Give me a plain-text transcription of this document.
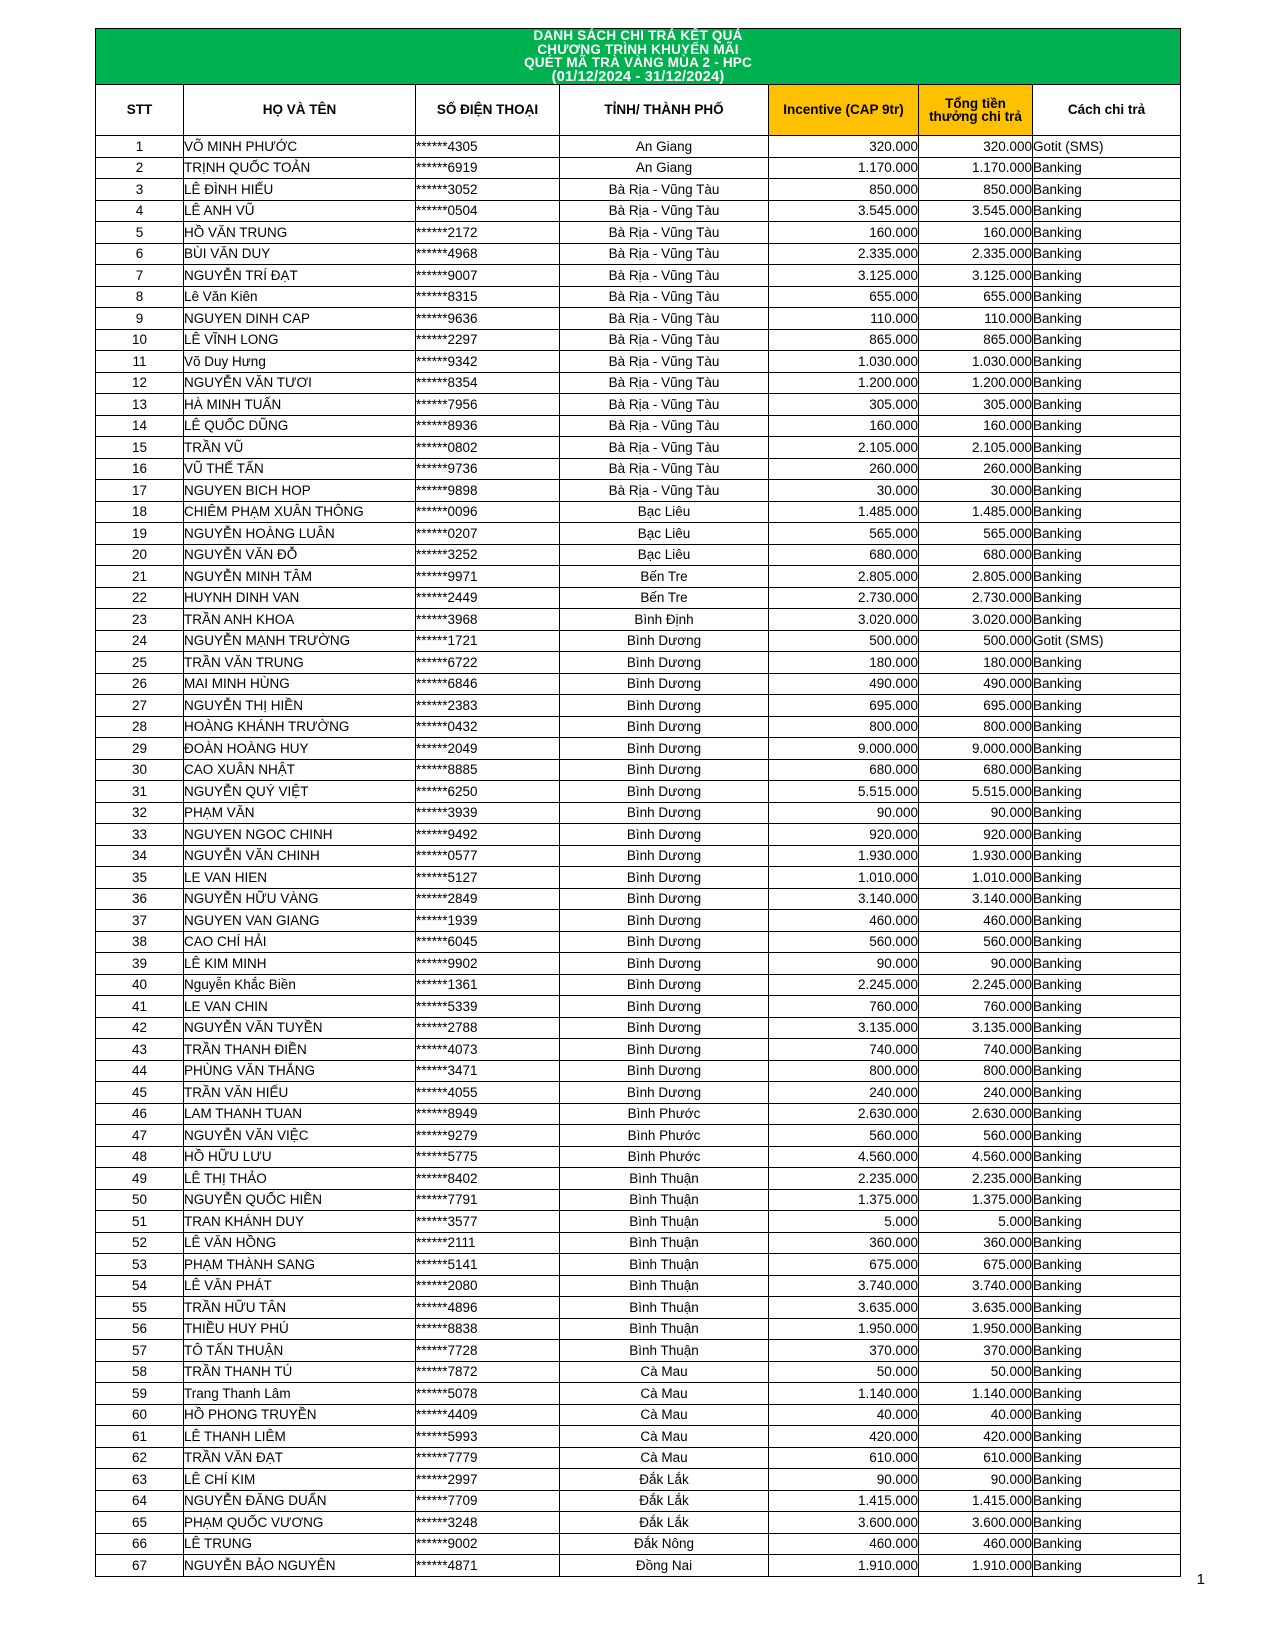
DANH SÁCH CHI TRẢ KẾT QUẢ
CHƯƠNG TRÌNH KHUYẾN MÃI
QUÉT MÃ TRÀ VÀNG MÙA 2 - HPC
(01/12/2024 - 31/12/2024)						

STT	HỌ VÀ TÊN	SỐ ĐIỆN THOẠI	TỈNH/ THÀNH PHỐ	Incentive (CAP 9tr)	Tổng tiền
thưởng chi trả	Cách chi trả
1	VÕ MINH PHƯỚC	******4305	An Giang	320.000	320.000	Gotit (SMS)
2	TRỊNH QUỐC TOẢN	******6919	An Giang	1.170.000	1.170.000	Banking
3	LÊ ĐÌNH HIẾU	******3052	Bà Rịa - Vũng Tàu	850.000	850.000	Banking
4	LÊ ANH VŨ	******0504	Bà Rịa - Vũng Tàu	3.545.000	3.545.000	Banking
5	HỒ VĂN TRUNG	******2172	Bà Rịa - Vũng Tàu	160.000	160.000	Banking
6	BÙI VĂN DUY	******4968	Bà Rịa - Vũng Tàu	2.335.000	2.335.000	Banking
7	NGUYỄN TRÍ ĐẠT	******9007	Bà Rịa - Vũng Tàu	3.125.000	3.125.000	Banking
8	Lê Văn Kiên	******8315	Bà Rịa - Vũng Tàu	655.000	655.000	Banking
9	NGUYEN DINH CAP	******9636	Bà Rịa - Vũng Tàu	110.000	110.000	Banking
10	LÊ VĨNH LONG	******2297	Bà Rịa - Vũng Tàu	865.000	865.000	Banking
11	Võ Duy Hưng	******9342	Bà Rịa - Vũng Tàu	1.030.000	1.030.000	Banking
12	NGUYỄN VĂN TƯƠI	******8354	Bà Rịa - Vũng Tàu	1.200.000	1.200.000	Banking
13	HÀ MINH TUẤN	******7956	Bà Rịa - Vũng Tàu	305.000	305.000	Banking
14	LÊ QUỐC DŨNG	******8936	Bà Rịa - Vũng Tàu	160.000	160.000	Banking
15	TRẦN VŨ	******0802	Bà Rịa - Vũng Tàu	2.105.000	2.105.000	Banking
16	VŨ THẾ TẤN	******9736	Bà Rịa - Vũng Tàu	260.000	260.000	Banking
17	NGUYEN BICH HOP	******9898	Bà Rịa - Vũng Tàu	30.000	30.000	Banking
18	CHIÊM PHẠM XUÂN THÔNG	******0096	Bạc Liêu	1.485.000	1.485.000	Banking
19	NGUYỄN HOÀNG LUÂN	******0207	Bạc Liêu	565.000	565.000	Banking
20	NGUYỄN VĂN ĐỖ	******3252	Bạc Liêu	680.000	680.000	Banking
21	NGUYỄN MINH TÂM	******9971	Bến Tre	2.805.000	2.805.000	Banking
22	HUYNH DINH VAN	******2449	Bến Tre	2.730.000	2.730.000	Banking
23	TRẦN ANH KHOA	******3968	Bình Định	3.020.000	3.020.000	Banking
24	NGUYỄN MẠNH TRƯỜNG	******1721	Bình Dương	500.000	500.000	Gotit (SMS)
25	TRẦN VĂN TRUNG	******6722	Bình Dương	180.000	180.000	Banking
26	MAI MINH HÙNG	******6846	Bình Dương	490.000	490.000	Banking
27	NGUYỄN THỊ HIỀN	******2383	Bình Dương	695.000	695.000	Banking
28	HOÀNG KHÁNH TRƯỜNG	******0432	Bình Dương	800.000	800.000	Banking
29	ĐOÀN HOÀNG HUY	******2049	Bình Dương	9.000.000	9.000.000	Banking
30	CAO XUÂN NHẬT	******8885	Bình Dương	680.000	680.000	Banking
31	NGUYỄN QUÝ VIỆT	******6250	Bình Dương	5.515.000	5.515.000	Banking
32	PHẠM VĂN	******3939	Bình Dương	90.000	90.000	Banking
33	NGUYEN NGOC CHINH	******9492	Bình Dương	920.000	920.000	Banking
34	NGUYỄN VĂN CHINH	******0577	Bình Dương	1.930.000	1.930.000	Banking
35	LE VAN HIEN	******5127	Bình Dương	1.010.000	1.010.000	Banking
36	NGUYỄN HỮU VÀNG	******2849	Bình Dương	3.140.000	3.140.000	Banking
37	NGUYEN VAN GIANG	******1939	Bình Dương	460.000	460.000	Banking
38	CAO CHÍ HẢI	******6045	Bình Dương	560.000	560.000	Banking
39	LÊ KIM MINH	******9902	Bình Dương	90.000	90.000	Banking
40	Nguyễn Khắc Biền	******1361	Bình Dương	2.245.000	2.245.000	Banking
41	LE VAN CHIN	******5339	Bình Dương	760.000	760.000	Banking
42	NGUYỄN VĂN TUYỀN	******2788	Bình Dương	3.135.000	3.135.000	Banking
43	TRẦN THANH ĐIỀN	******4073	Bình Dương	740.000	740.000	Banking
44	PHÙNG VĂN THẮNG	******3471	Bình Dương	800.000	800.000	Banking
45	TRẦN VĂN HIẾU	******4055	Bình Dương	240.000	240.000	Banking
46	LAM THANH TUAN	******8949	Bình Phước	2.630.000	2.630.000	Banking
47	NGUYỄN VĂN VIỆC	******9279	Bình Phước	560.000	560.000	Banking
48	HỒ HỮU LƯU	******5775	Bình Phước	4.560.000	4.560.000	Banking
49	LÊ THỊ THẢO	******8402	Bình Thuận	2.235.000	2.235.000	Banking
50	NGUYỄN QUỐC HIỀN	******7791	Bình Thuận	1.375.000	1.375.000	Banking
51	TRAN KHÁNH DUY	******3577	Bình Thuận	5.000	5.000	Banking
52	LÊ VĂN HỒNG	******2111	Bình Thuận	360.000	360.000	Banking
53	PHẠM THÀNH SANG	******5141	Bình Thuận	675.000	675.000	Banking
54	LÊ VĂN PHÁT	******2080	Bình Thuận	3.740.000	3.740.000	Banking
55	TRẦN HỮU TÂN	******4896	Bình Thuận	3.635.000	3.635.000	Banking
56	THIỀU HUY PHÚ	******8838	Bình Thuận	1.950.000	1.950.000	Banking
57	TÔ TẤN THUẬN	******7728	Bình Thuận	370.000	370.000	Banking
58	TRẦN THANH TÚ	******7872	Cà Mau	50.000	50.000	Banking
59	Trang Thanh Lâm	******5078	Cà Mau	1.140.000	1.140.000	Banking
60	HỒ PHONG TRUYỀN	******4409	Cà Mau	40.000	40.000	Banking
61	LÊ THANH LIÊM	******5993	Cà Mau	420.000	420.000	Banking
62	TRẦN VĂN ĐẠT	******7779	Cà Mau	610.000	610.000	Banking
63	LÊ CHÍ KIM	******2997	Đắk Lắk	90.000	90.000	Banking
64	NGUYỄN ĐĂNG DUẨN	******7709	Đắk Lắk	1.415.000	1.415.000	Banking
65	PHẠM QUỐC VƯƠNG	******3248	Đắk Lắk	3.600.000	3.600.000	Banking
66	LÊ TRUNG	******9002	Đắk Nông	460.000	460.000	Banking
67	NGUYỄN BẢO NGUYÊN	******4871	Đồng Nai	1.910.000	1.910.000	Banking
1
